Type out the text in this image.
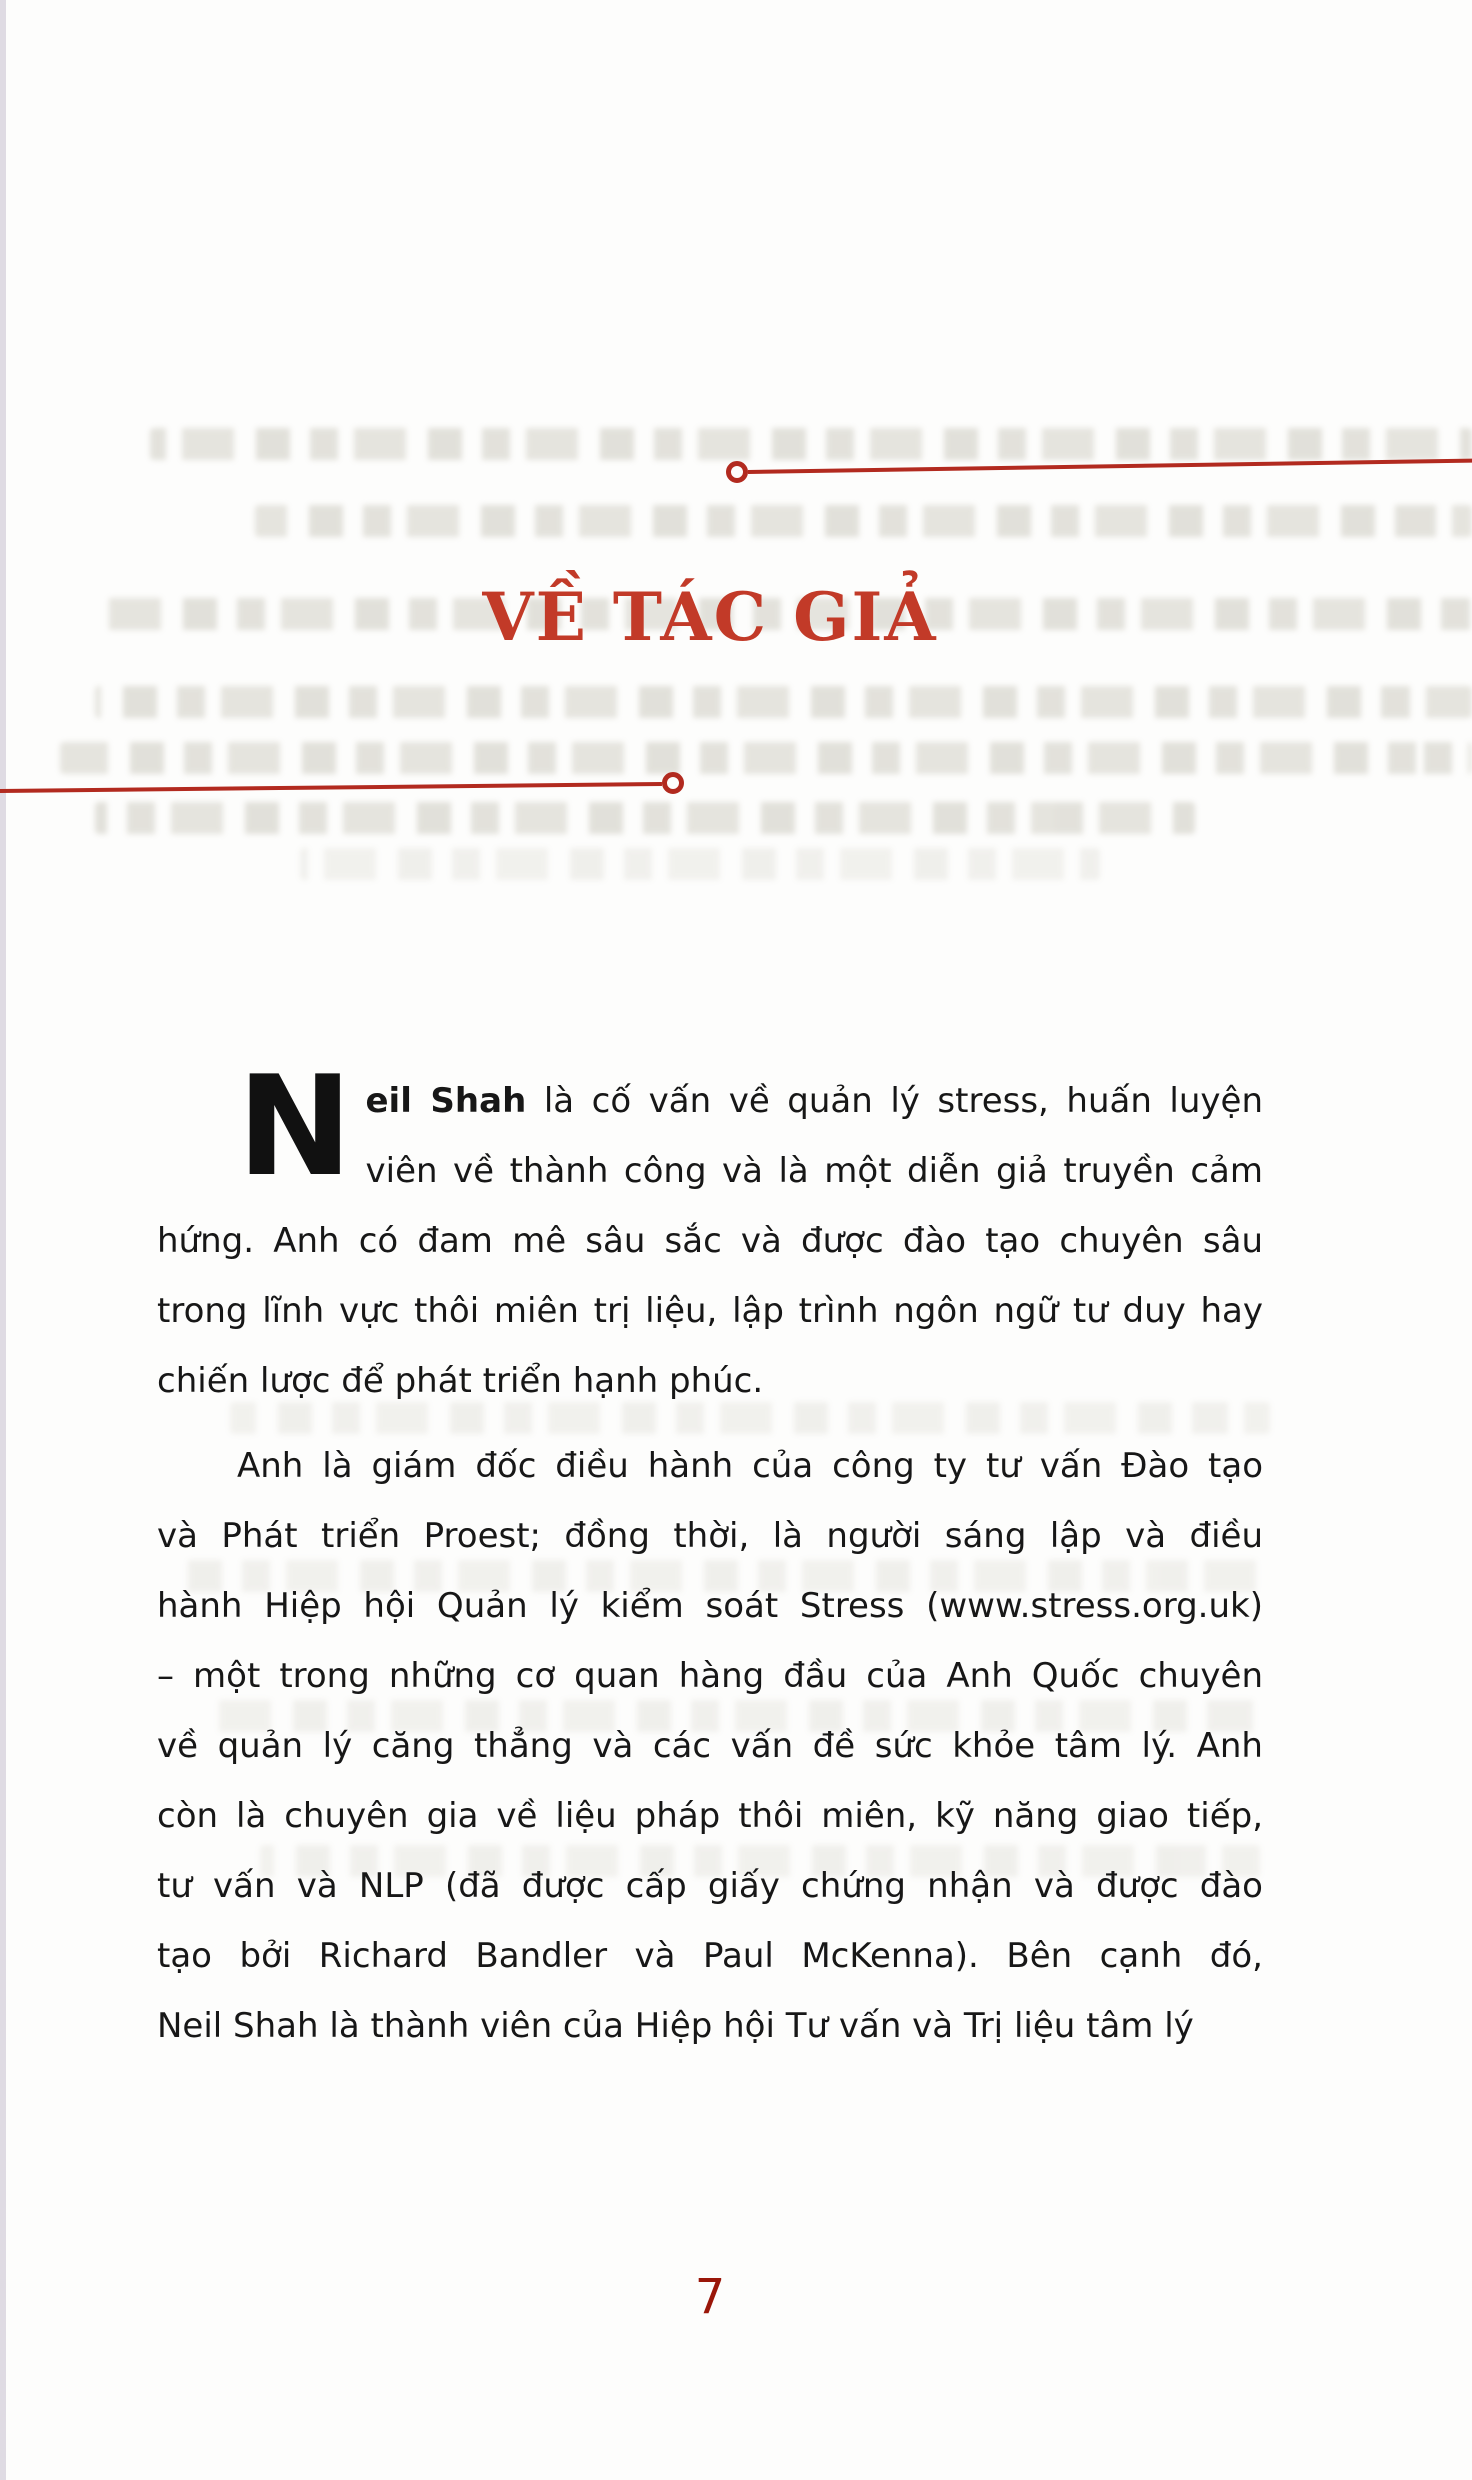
VỀ TÁC GIẢ
N eil Shah là cố vấn về quản lý stress, huấn luyện
viên về thành công và là một diễn giả truyền cảm
hứng. Anh có đam mê sâu sắc và được đào tạo chuyên sâu
trong lĩnh vực thôi miên trị liệu, lập trình ngôn ngữ tư duy hay
chiến lược để phát triển hạnh phúc.
Anh là giám đốc điều hành của công ty tư vấn Đào tạo
và Phát triển Proest; đồng thời, là người sáng lập và điều
hành Hiệp hội Quản lý kiểm soát Stress (www.stress.org.uk)
– một trong những cơ quan hàng đầu của Anh Quốc chuyên
về quản lý căng thẳng và các vấn đề sức khỏe tâm lý. Anh
còn là chuyên gia về liệu pháp thôi miên, kỹ năng giao tiếp,
tư vấn và NLP (đã được cấp giấy chứng nhận và được đào
tạo bởi Richard Bandler và Paul McKenna). Bên cạnh đó,
Neil Shah là thành viên của Hiệp hội Tư vấn và Trị liệu tâm lý
7
